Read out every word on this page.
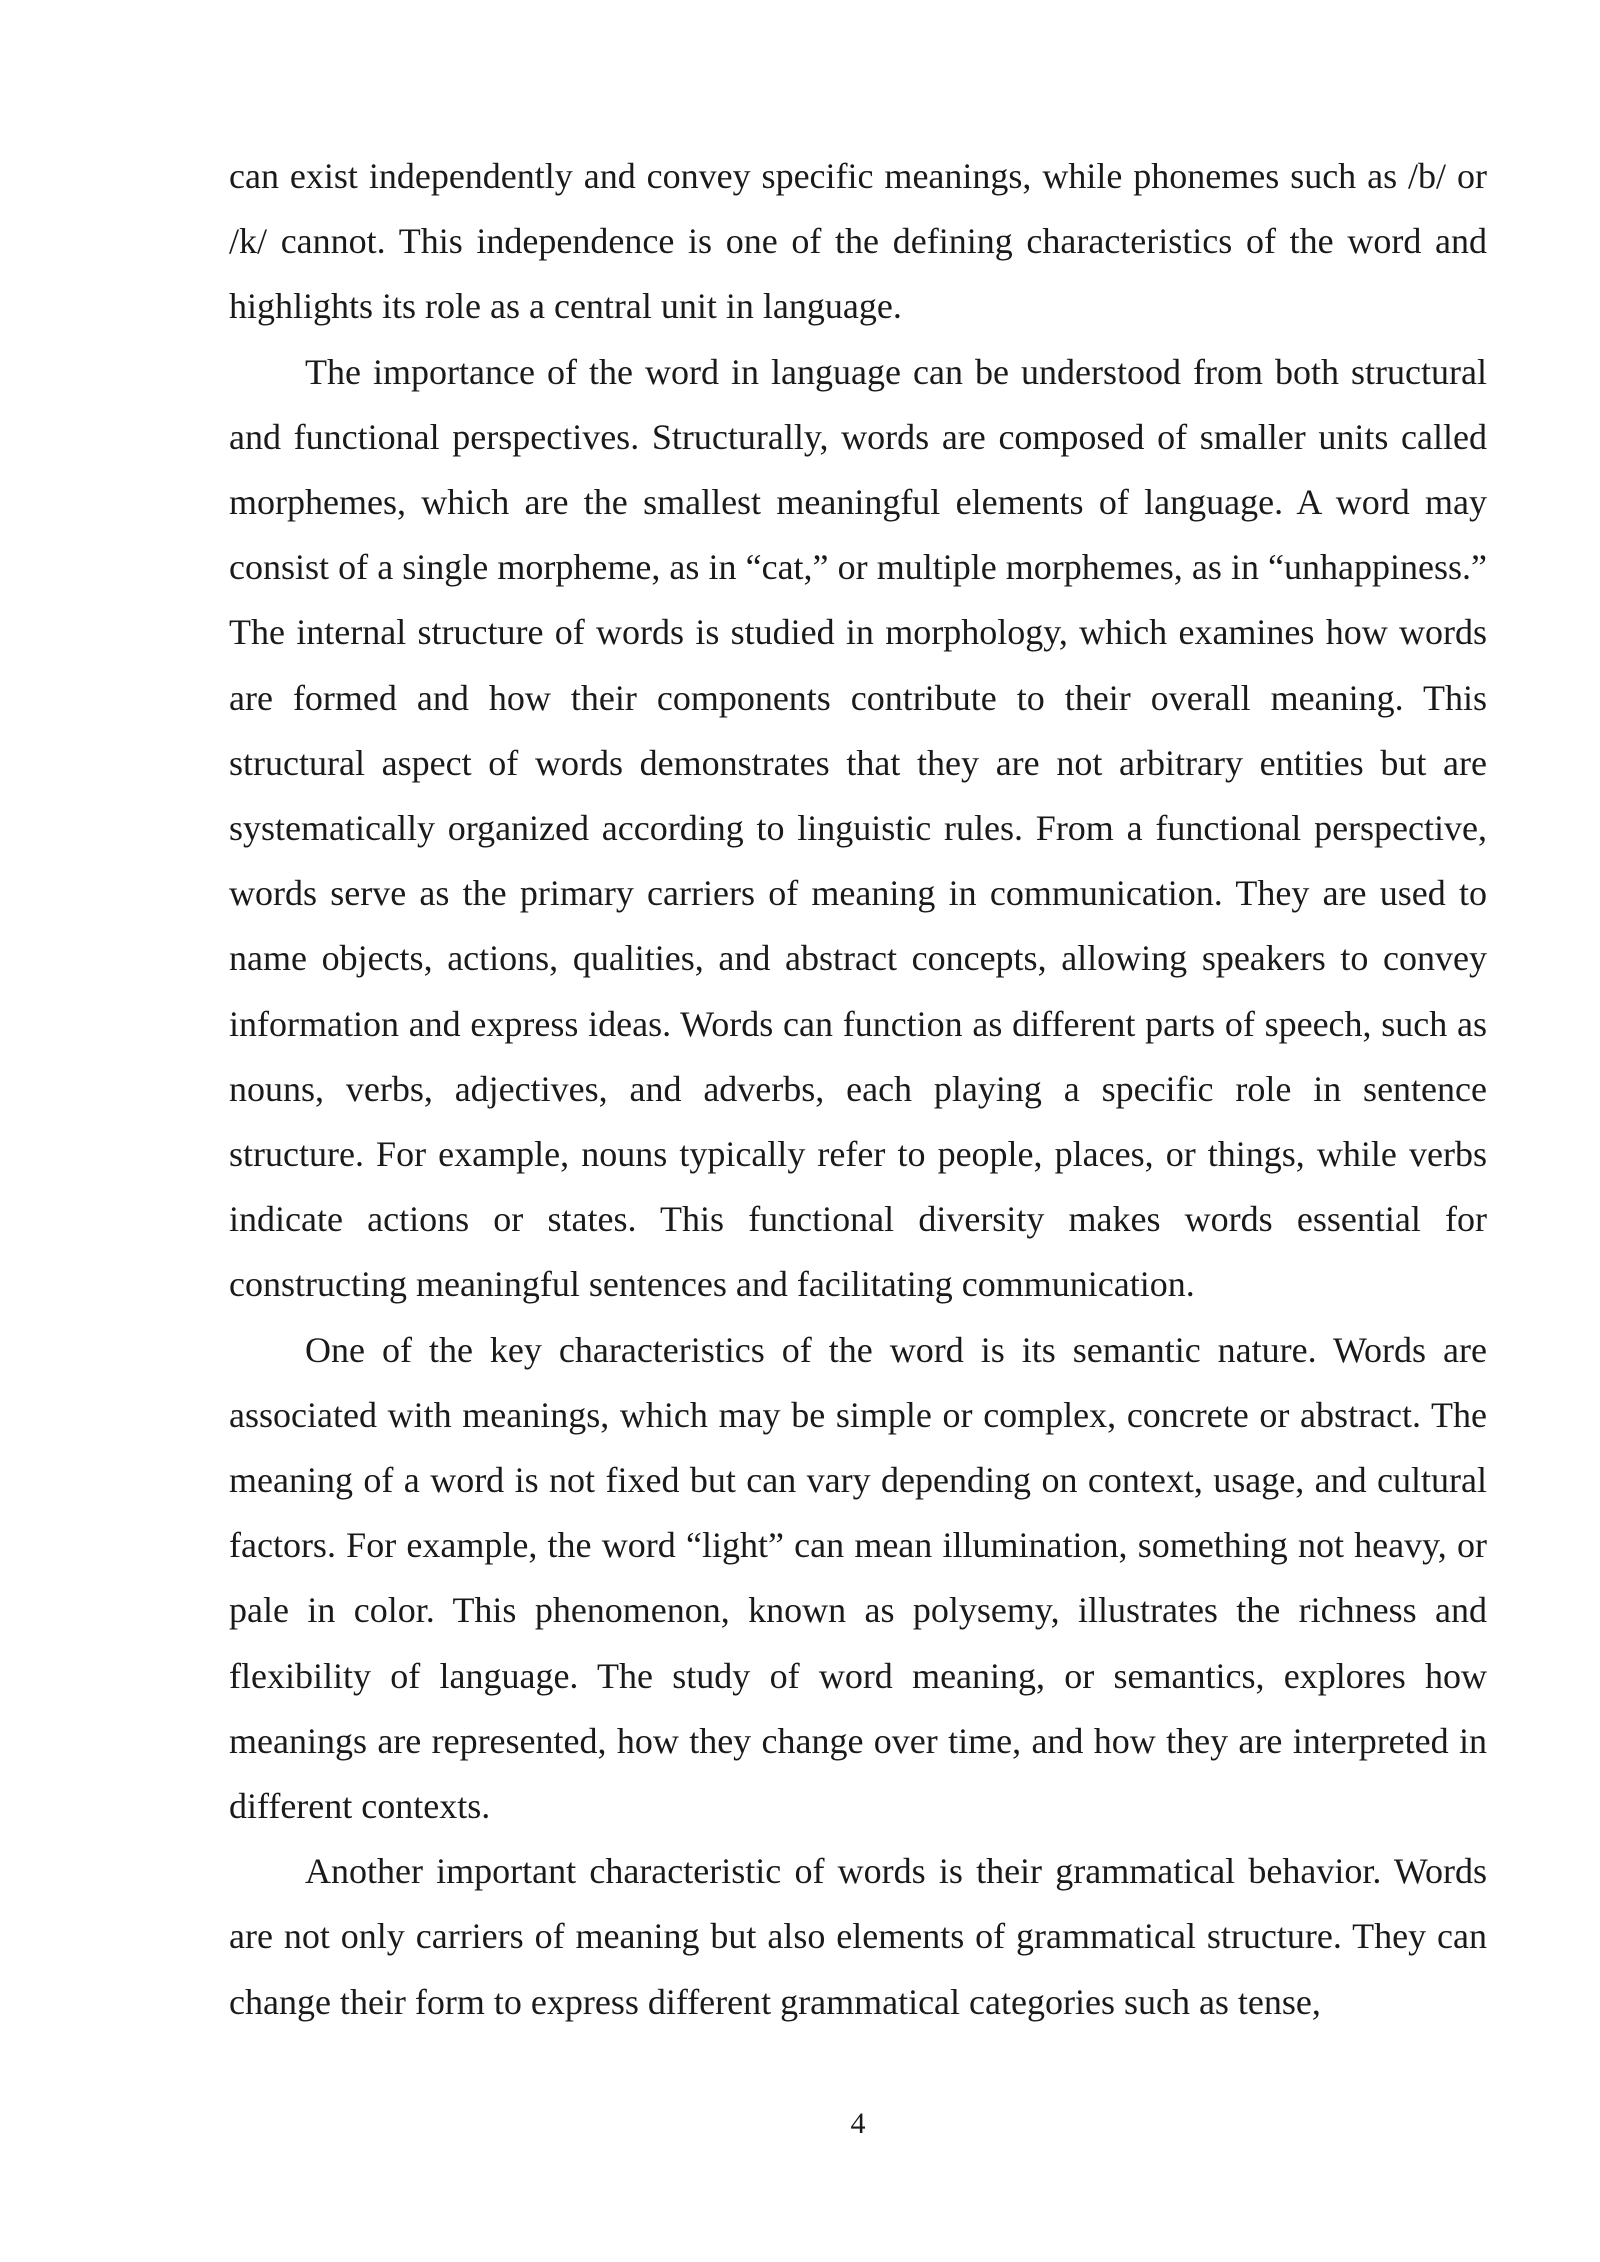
can exist independently and convey specific meanings, while phonemes such as /b/ or /k/ cannot. This independence is one of the defining characteristics of the word and highlights its role as a central unit in language.

The importance of the word in language can be understood from both structural and functional perspectives. Structurally, words are composed of smaller units called morphemes, which are the smallest meaningful elements of language. A word may consist of a single morpheme, as in “cat,” or multiple morphemes, as in “unhappiness.” The internal structure of words is studied in morphology, which examines how words are formed and how their components contribute to their overall meaning. This structural aspect of words demonstrates that they are not arbitrary entities but are systematically organized according to linguistic rules. From a functional perspective, words serve as the primary carriers of meaning in communication. They are used to name objects, actions, qualities, and abstract concepts, allowing speakers to convey information and express ideas. Words can function as different parts of speech, such as nouns, verbs, adjectives, and adverbs, each playing a specific role in sentence structure. For example, nouns typically refer to people, places, or things, while verbs indicate actions or states. This functional diversity makes words essential for constructing meaningful sentences and facilitating communication.

One of the key characteristics of the word is its semantic nature. Words are associated with meanings, which may be simple or complex, concrete or abstract. The meaning of a word is not fixed but can vary depending on context, usage, and cultural factors. For example, the word “light” can mean illumination, something not heavy, or pale in color. This phenomenon, known as polysemy, illustrates the richness and flexibility of language. The study of word meaning, or semantics, explores how meanings are represented, how they change over time, and how they are interpreted in different contexts.

Another important characteristic of words is their grammatical behavior. Words are not only carriers of meaning but also elements of grammatical structure. They can change their form to express different grammatical categories such as tense,

4
